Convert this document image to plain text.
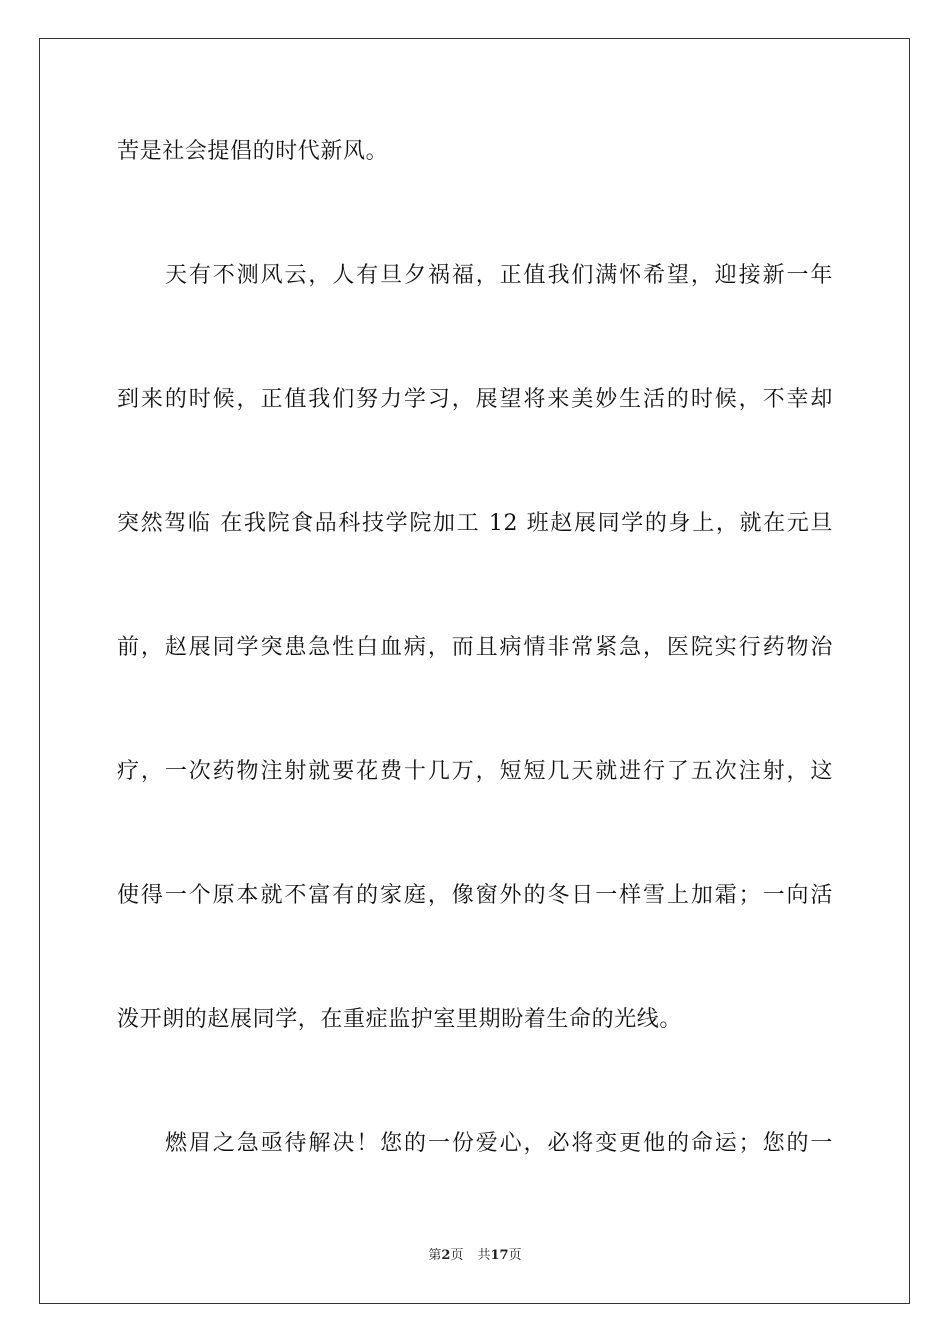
苦是社会提倡的时代新风。
天有不测风云，人有旦夕祸福，正值我们满怀希望，迎接新一年
到来的时候，正值我们努力学习，展望将来美妙生活的时候，不幸却
突然驾临 在我院食品科技学院加工 12 班赵展同学的身上，就在元旦
前，赵展同学突患急性白血病，而且病情非常紧急，医院实行药物治
疗，一次药物注射就要花费十几万，短短几天就进行了五次注射，这
使得一个原本就不富有的家庭，像窗外的冬日一样雪上加霜；一向活
泼开朗的赵展同学，在重症监护室里期盼着生命的光线。
燃眉之急亟待解决！您的一份爱心，必将变更他的命运；您的一
第2页 共17页
